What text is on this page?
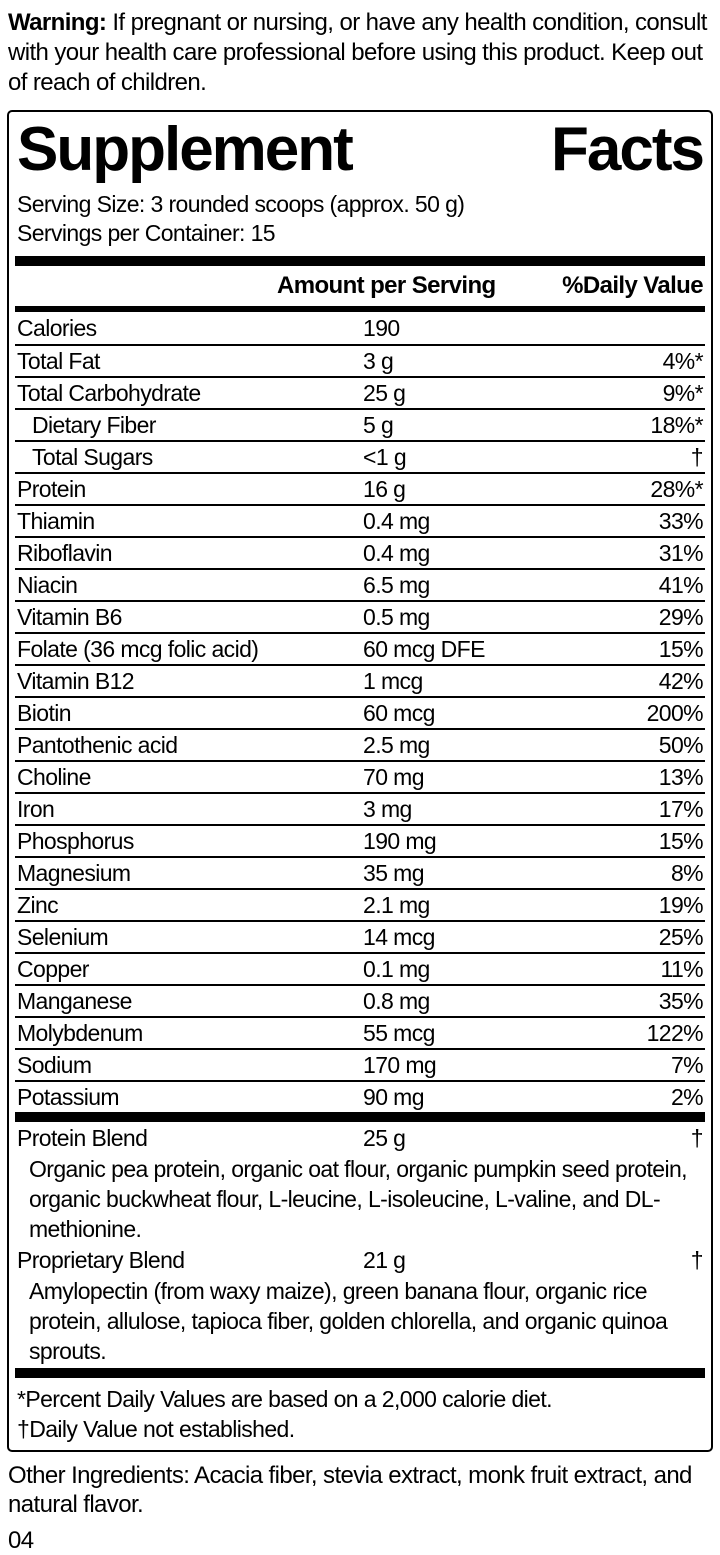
Warning: If pregnant or nursing, or have any health condition, consult with your health care professional before using this product. Keep out of reach of children.

Supplement	Facts
Serving Size: 3 rounded scoops (approx. 50 g)
Servings per Container: 15
Amount per Serving	%Daily Value
Calories	190
Total Fat	3 g	4%*
Total Carbohydrate	25 g	9%*
Dietary Fiber	5 g	18%*
Total Sugars	<1 g	†
Protein	16 g	28%*
Thiamin	0.4 mg	33%
Riboflavin	0.4 mg	31%
Niacin	6.5 mg	41%
Vitamin B6	0.5 mg	29%
Folate (36 mcg folic acid)	60 mcg DFE	15%
Vitamin B12	1 mcg	42%
Biotin	60 mcg	200%
Pantothenic acid	2.5 mg	50%
Choline	70 mg	13%
Iron	3 mg	17%
Phosphorus	190 mg	15%
Magnesium	35 mg	8%
Zinc	2.1 mg	19%
Selenium	14 mcg	25%
Copper	0.1 mg	11%
Manganese	0.8 mg	35%
Molybdenum	55 mcg	122%
Sodium	170 mg	7%
Potassium	90 mg	2%
Protein Blend	25 g	†
Organic pea protein, organic oat flour, organic pumpkin seed protein, organic buckwheat flour, L-leucine, L-isoleucine, L-valine, and DL-methionine.
Proprietary Blend	21 g	†
Amylopectin (from waxy maize), green banana flour, organic rice protein, allulose, tapioca fiber, golden chlorella, and organic quinoa sprouts.
*Percent Daily Values are based on a 2,000 calorie diet.
†Daily Value not established.

Other Ingredients: Acacia fiber, stevia extract, monk fruit extract, and natural flavor.

04
